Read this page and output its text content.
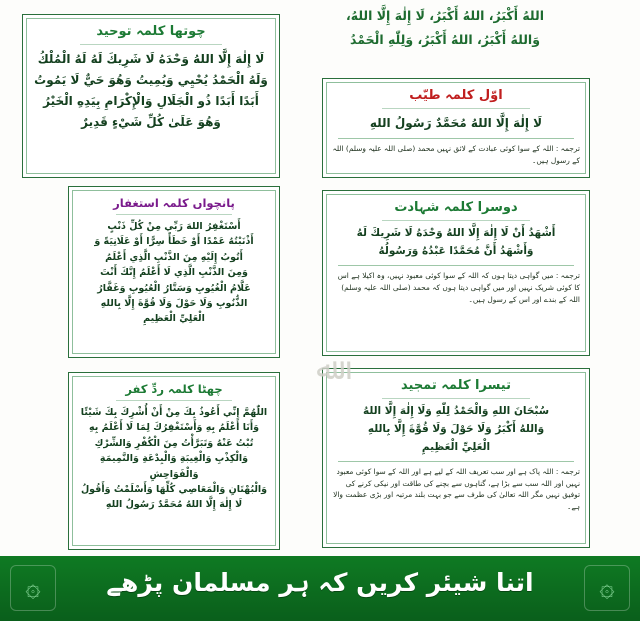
اللهُ أَكْبَرُ، اللهُ أَكْبَرُ، لَا إِلٰهَ إِلَّا اللهُ،
وَاللهُ أَكْبَرُ، اللهُ أَكْبَرُ، وَلِلّٰهِ الْحَمْدُ
چوتھا کلمہ توحید
لَا إِلٰهَ إِلَّا اللهُ وَحْدَهُ لَا شَرِيكَ لَهُ لَهُ الْمُلْكُ
وَلَهُ الْحَمْدُ يُحْيِي وَيُمِيتُ وَهُوَ حَيٌّ لَا يَمُوتُ
أَبَدًا أَبَدًا ذُو الْجَلَالِ وَالْإِكْرَامِ بِيَدِهِ الْخَيْرُ
وَهُوَ عَلَىٰ كُلِّ شَيْءٍ قَدِيرٌ
اوّل کلمہ طیّب
لَا إِلٰهَ إِلَّا اللهُ مُحَمَّدٌ رَسُولُ اللهِ
ترجمہ : اللہ کے سوا کوئی عبادت کے لائق نہیں محمد (صلی اللہ علیہ وسلم) اللہ کے رسول ہیں۔
پانچواں کلمہ استغفار
أَسْتَغْفِرُ اللهَ رَبِّي مِنْ كُلِّ ذَنْبٍ
أَذْنَبْتُهُ عَمْدًا أَوْ خَطَأً سِرًّا أَوْ عَلَانِيَةً وَ
أَتُوبُ إِلَيْهِ مِنَ الذَّنْبِ الَّذِي أَعْلَمُ
وَمِنَ الذَّنْبِ الَّذِي لَا أَعْلَمُ إِنَّكَ أَنْتَ
عَلَّامُ الْغُيُوبِ وَسَتَّارُ الْعُيُوبِ وَغَفَّارُ
الذُّنُوبِ وَلَا حَوْلَ وَلَا قُوَّةَ إِلَّا بِاللهِ
الْعَلِيِّ الْعَظِيمِ
دوسرا کلمہ شہادت
أَشْهَدُ أَنْ لَا إِلٰهَ إِلَّا اللهُ وَحْدَهُ لَا شَرِيكَ لَهُ
وَأَشْهَدُ أَنَّ مُحَمَّدًا عَبْدُهُ وَرَسُولُهُ
ترجمہ : میں گواہی دیتا ہوں کہ اللہ کے سوا کوئی معبود نہیں، وہ اکیلا ہے اس کا کوئی شریک نہیں اور میں گواہی دیتا ہوں کہ محمد (صلی اللہ علیہ وسلم) اللہ کے بندے اور اس کے رسول ہیں۔
چھٹا کلمہ ردِّ کفر
اللّٰهُمَّ إِنِّي أَعُوذُ بِكَ مِنْ أَنْ أُشْرِكَ بِكَ شَيْئًا
وَأَنَا أَعْلَمُ بِهِ وَأَسْتَغْفِرُكَ لِمَا لَا أَعْلَمُ بِهِ
تُبْتُ عَنْهُ وَتَبَرَّأْتُ مِنَ الْكُفْرِ وَالشِّرْكِ
وَالْكِذْبِ وَالْغِيبَةِ وَالْبِدْعَةِ وَالنَّمِيمَةِ وَالْفَوَاحِشِ
وَالْبُهْتَانِ وَالْمَعَاصِي كُلِّهَا وَأَسْلَمْتُ وَأَقُولُ
لَا إِلٰهَ إِلَّا اللهُ مُحَمَّدٌ رَسُولُ اللهِ
تیسرا کلمہ تمجید
سُبْحَانَ اللهِ وَالْحَمْدُ لِلّٰهِ وَلَا إِلٰهَ إِلَّا اللهُ
وَاللهُ أَكْبَرُ وَلَا حَوْلَ وَلَا قُوَّةَ إِلَّا بِاللهِ
الْعَلِيِّ الْعَظِيمِ
ترجمہ : اللہ پاک ہے اور سب تعریف اللہ کے لیے ہے اور اللہ کے سوا کوئی معبود نہیں اور اللہ سب سے بڑا ہے، گناہوں سے بچنے کی طاقت اور نیکی کرنے کی توفیق نہیں مگر اللہ تعالیٰ کی طرف سے جو بہت بلند مرتبہ اور بڑی عظمت والا ہے۔
ﷲ
۞	اتنا شیئر کریں کہ ہر مسلمان پڑھے	۞
